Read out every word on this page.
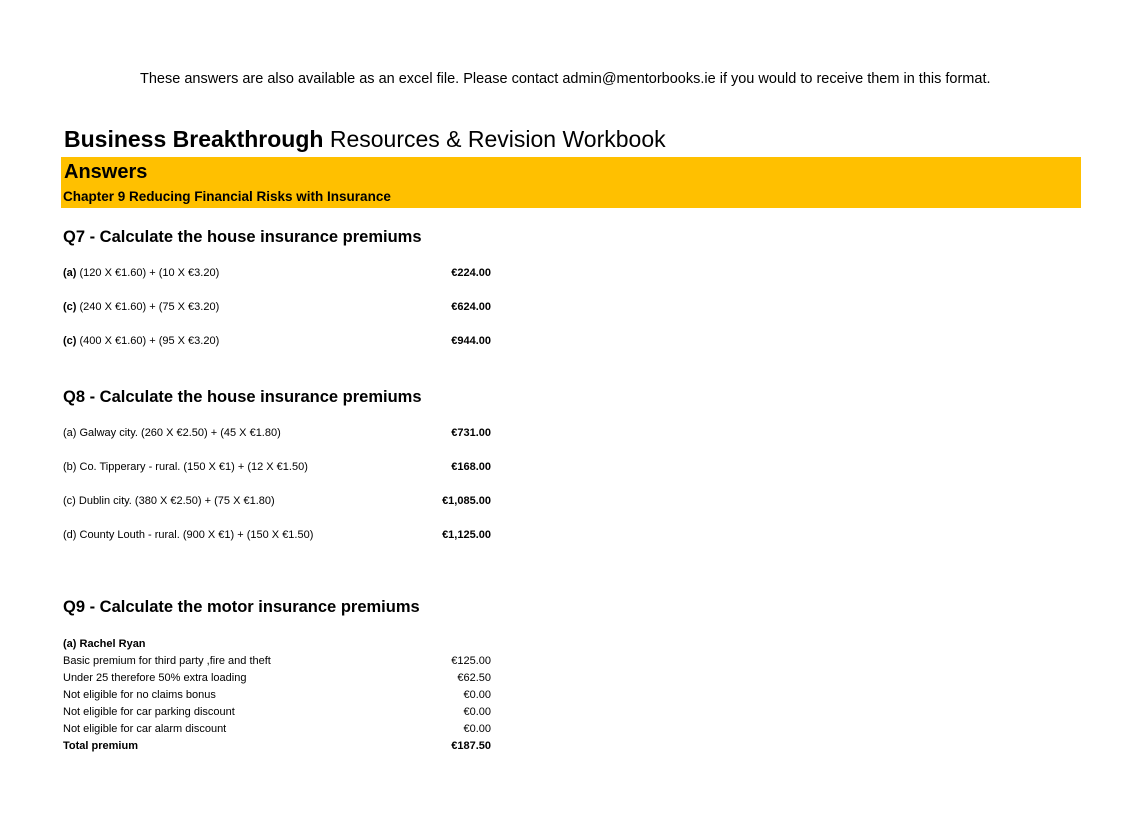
These answers are also available as an excel file. Please contact admin@mentorbooks.ie if you would to receive them in this format.
Business Breakthrough Resources & Revision Workbook
Answers
Chapter 9 Reducing Financial Risks with Insurance
Q7 - Calculate the house insurance premiums
(a) (120 X €1.60) + (10 X €3.20)	€224.00
(c) (240 X €1.60) + (75 X €3.20)	€624.00
(c) (400 X €1.60) + (95 X €3.20)	€944.00
Q8 - Calculate the house insurance premiums
(a) Galway city. (260 X €2.50) + (45 X €1.80)	€731.00
(b) Co. Tipperary - rural. (150 X €1) + (12 X €1.50)	€168.00
(c) Dublin city. (380 X €2.50) + (75 X €1.80)	€1,085.00
(d) County Louth - rural. (900 X €1) + (150 X €1.50)	€1,125.00
Q9 - Calculate the motor insurance premiums
(a) Rachel Ryan
Basic premium for third party ,fire and theft	€125.00
Under 25 therefore 50% extra loading	€62.50
Not eligible for no claims bonus	€0.00
Not eligible for car parking discount	€0.00
Not eligible for car alarm discount	€0.00
Total premium	€187.50
